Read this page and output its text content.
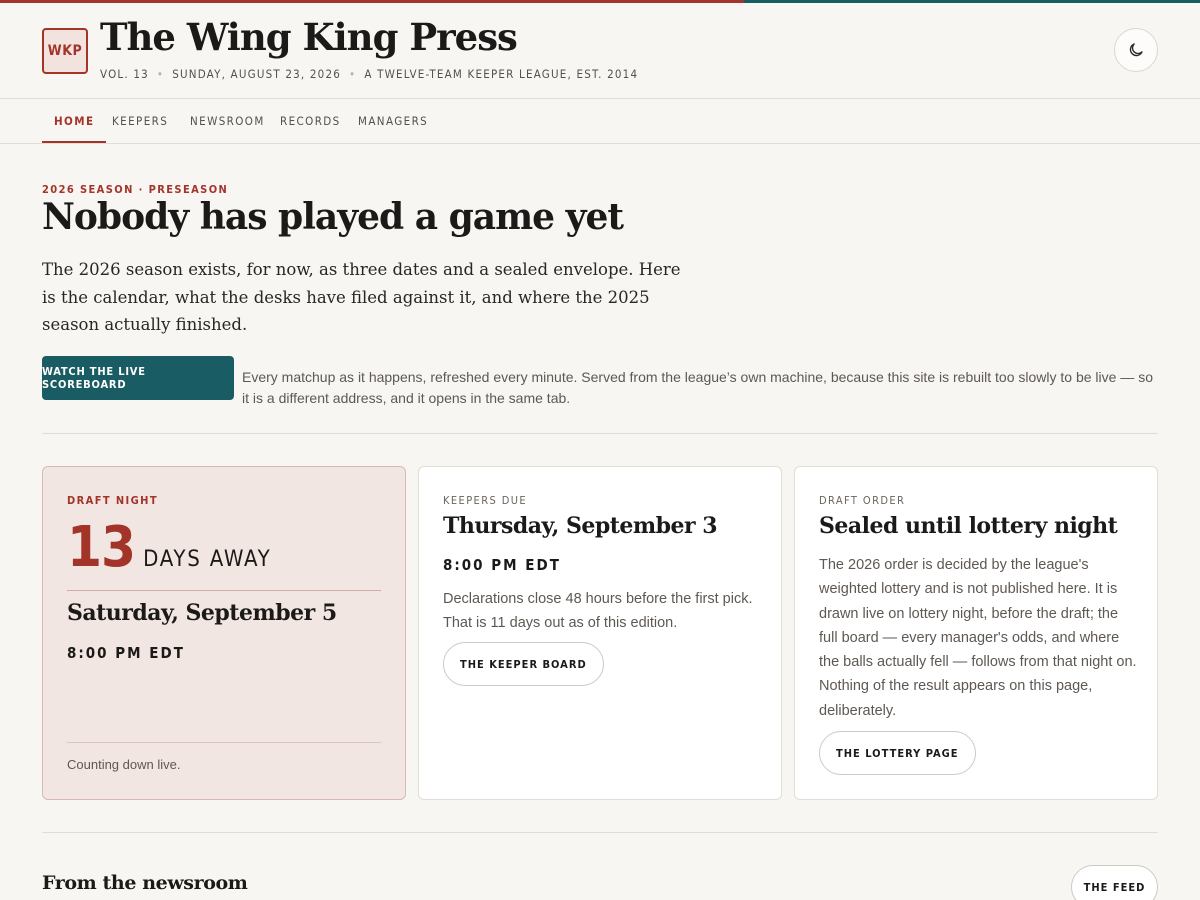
WKP The Wing King Press
VOL. 13 • SUNDAY, AUGUST 23, 2026 • A TWELVE-TEAM KEEPER LEAGUE, EST. 2014
HOME	KEEPERS NEWSROOM RECORDS MANAGERS
2026 SEASON · PRESEASON
Nobody has played a game yet

The 2026 season exists, for now, as three dates and a sealed envelope. Here is the calendar, what the desks have filed against it, and where the 2025 season actually finished.

WATCH THE LIVE SCOREBOARD	Every matchup as it happens, refreshed every minute. Served from the league’s own machine, because this site is rebuilt too slowly to be live — so it is a different address, and it opens in the same tab.

DRAFT NIGHT
13 DAYS AWAY
Saturday, September 5
8:00 PM EDT
Counting down live.
KEEPERS DUE
Thursday, September 3
8:00 PM EDT

Declarations close 48 hours before the first pick. That is 11 days out as of this edition.

THE KEEPER BOARD
DRAFT ORDER
Sealed until lottery night

The 2026 order is decided by the league's weighted lottery and is not published here. It is drawn live on lottery night, before the draft; the full board — every manager's odds, and where the balls actually fell — follows from that night on. Nothing of the result appears on this page, deliberately.

THE LOTTERY PAGE
From the newsroom	THE FEED
